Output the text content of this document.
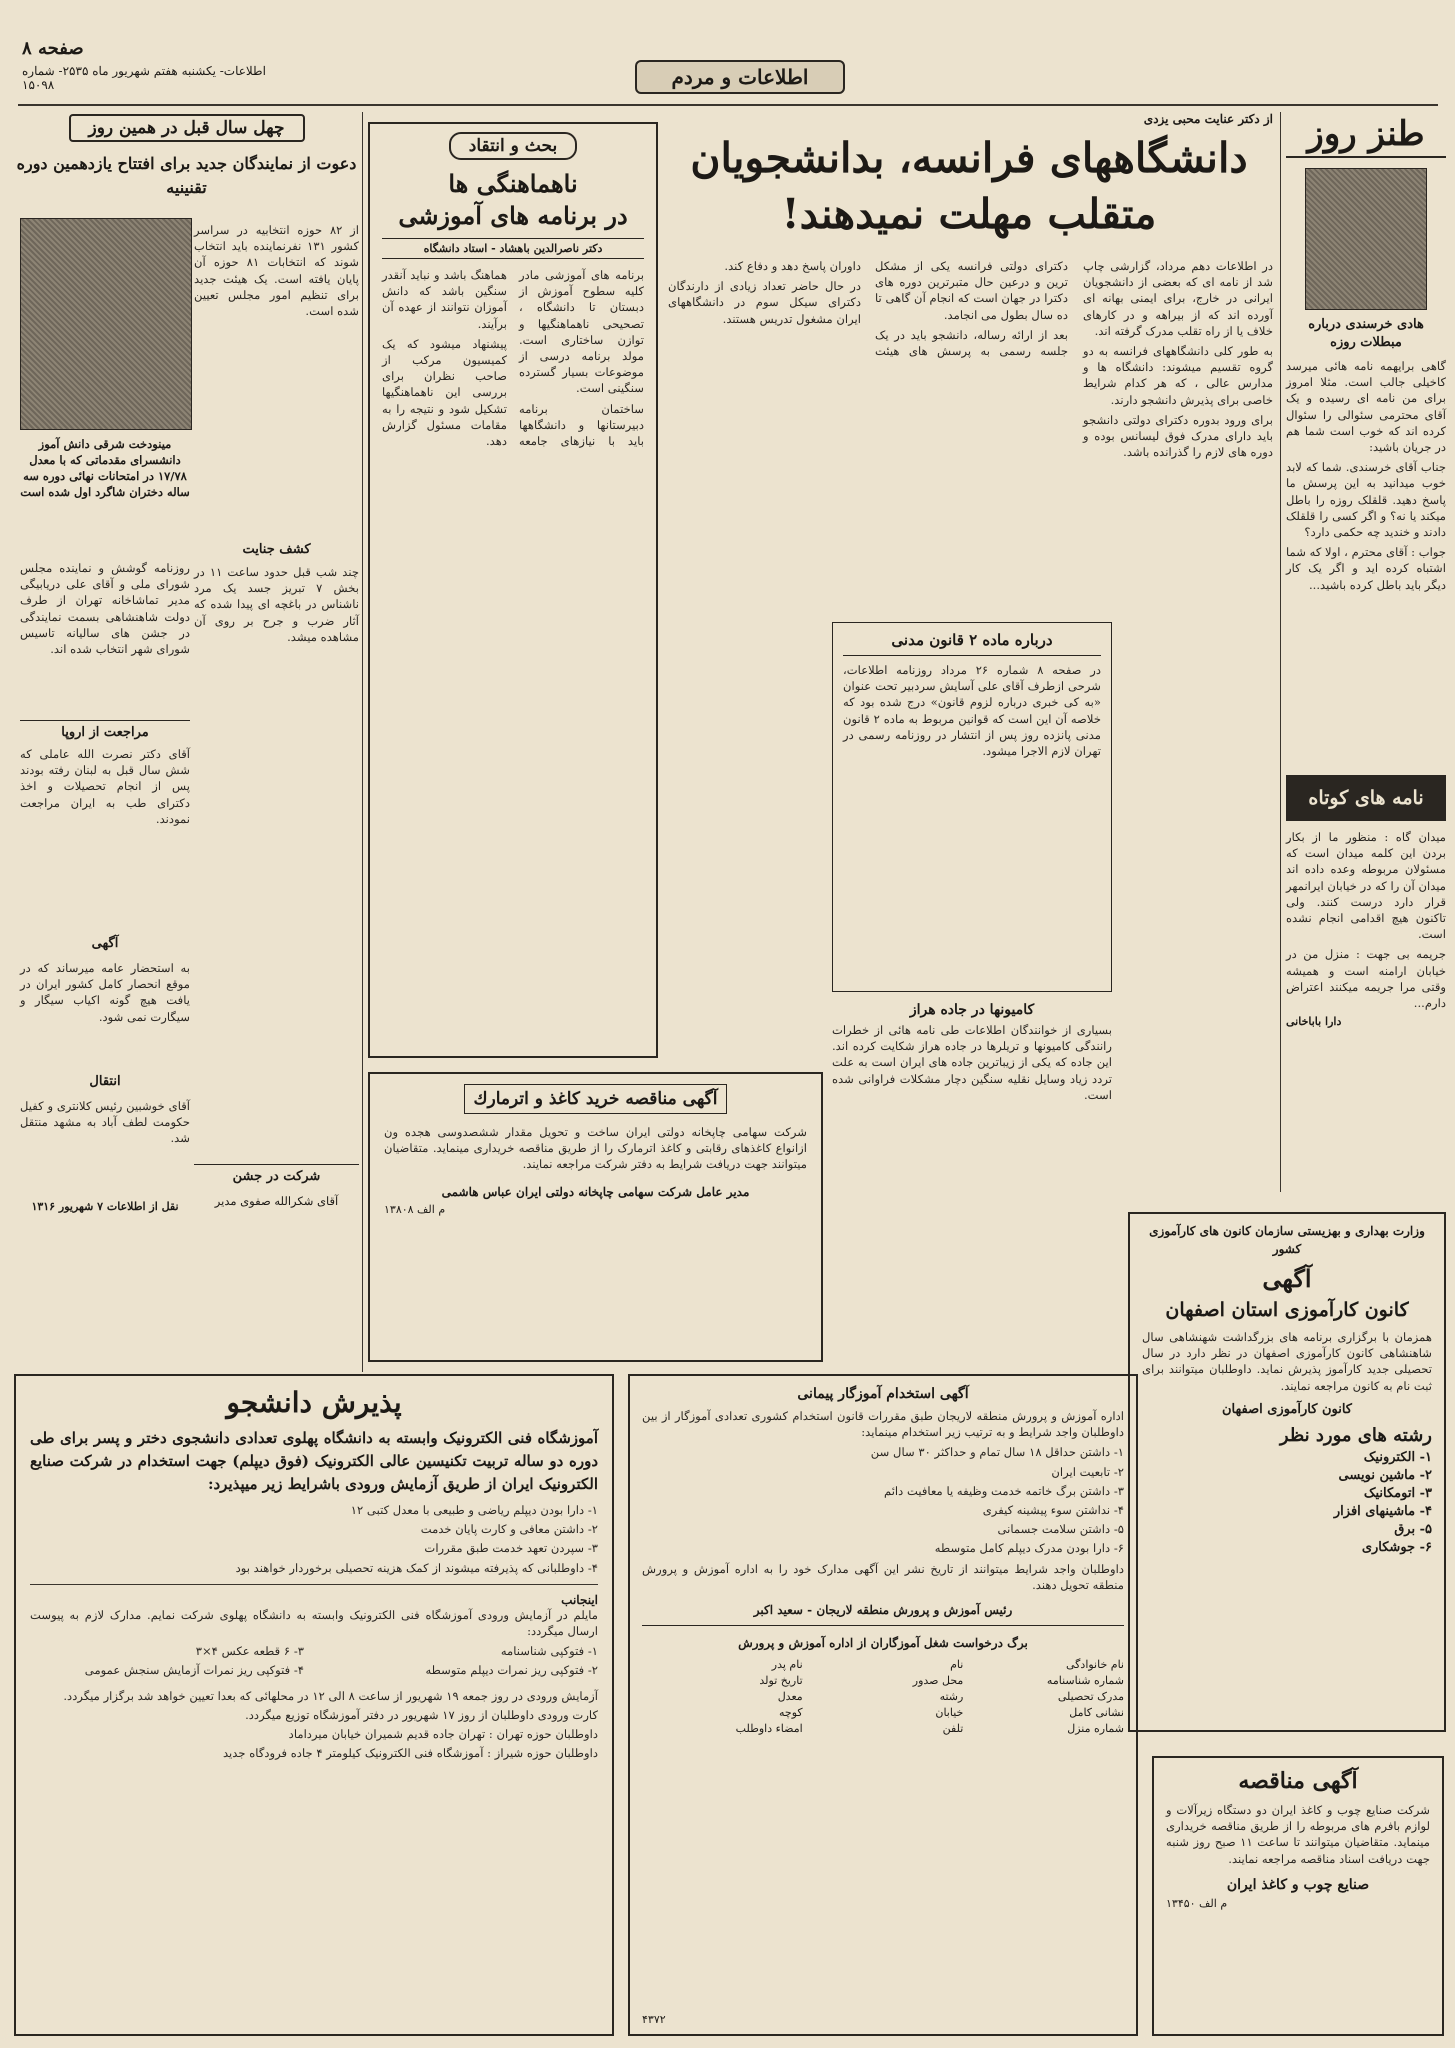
صفحه ۸
اطلاعات- یکشنبه هفتم شهریور ماه ۲۵۳۵- شماره ۱۵۰۹۸	اطلاعات و مردم
طنز روز
هادی خرسندی درباره مبطلات روزه

گاهی برایهمه نامه هائی میرسد کاخیلی جالب است. مثلا امروز برای من نامه ای رسیده و یک آقای محترمی سئوالی را سئوال کرده اند که خوب است شما هم در جریان باشید:

جناب آقای خرسندی. شما که لابد خوب میدانید به این پرسش ما پاسخ دهید. قلقلک روزه را باطل میکند یا نه؟ و اگر کسی را قلقلک دادند و خندید چه حکمی دارد؟

جواب : آقای محترم ، اولا که شما اشتباه کرده اید و اگر یک کار دیگر باید باطل کرده باشید...

نامه های کوتاه

میدان گاه : منظور ما از بکار بردن این کلمه میدان است که مسئولان مربوطه وعده داده اند میدان آن را که در خیابان ایرانمهر قرار دارد درست کنند. ولی تاکنون هیچ اقدامی انجام نشده است.

جریمه بی جهت : منزل من در خیابان ارامنه است و همیشه وقتی مرا جریمه میکنند اعتراض دارم...

دارا باباخانی
از دکتر عنایت محبی یزدی
دانشگاههای فرانسه، بدانشجویان
متقلب مهلت نمیدهند!

در اطلاعات دهم مرداد، گزارشی چاپ شد از نامه ای که بعضی از دانشجویان ایرانی در خارج، برای ایمنی بهانه ای آورده اند که از بیراهه و در کارهای خلاف یا از راه تقلب مدرک گرفته اند.

به طور کلی دانشگاههای فرانسه به دو گروه تقسیم میشوند: دانشگاه ها و مدارس عالی ، که هر کدام شرایط خاصی برای پذیرش دانشجو دارند.

برای ورود بدوره دکترای دولتی دانشجو باید دارای مدرک فوق لیسانس بوده و دوره های لازم را گذرانده باشد.

دکترای دولتی فرانسه یکی از مشکل ترین و درعین حال متبرترین دوره های دکترا در جهان است که انجام آن گاهی تا ده سال بطول می انجامد.

بعد از ارائه رساله، دانشجو باید در یک جلسه رسمی به پرسش های هیئت داوران پاسخ دهد و دفاع کند.

در حال حاضر تعداد زیادی از دارندگان دکترای سیکل سوم در دانشگاههای ایران مشغول تدریس هستند.

درباره ماده ۲ قانون مدنی
در صفحه ۸ شماره ۲۶ مرداد روزنامه اطلاعات، شرحی ازطرف آقای علی آسایش سردبیر تحت عنوان «به کی خبری درباره لزوم قانون» درج شده بود که خلاصه آن این است که قوانین مربوط به ماده ۲ قانون مدنی پانزده روز پس از انتشار در روزنامه رسمی در تهران لازم الاجرا میشود.
کامیونها در جاده هراز
بسیاری از خوانندگان اطلاعات طی نامه هائی از خطرات رانندگی کامیونها و تریلرها در جاده هراز شکایت کرده اند. این جاده که یکی از زیباترین جاده های ایران است به علت تردد زیاد وسایل نقلیه سنگین دچار مشکلات فراوانی شده است.
بحث و انتقاد
ناهماهنگی ها
در برنامه های آموزشی
دکتر ناصرالدین باهشاد - استاد دانشگاه

برنامه های آموزشی مادر کلیه سطوح آموزش از دبستان تا دانشگاه ، تصحیحی ناهماهنگیها و توازن ساختاری است. مولد برنامه درسی از موضوعات بسیار گسترده سنگینی است.

ساختمان برنامه دبیرستانها و دانشگاهها باید با نیازهای جامعه هماهنگ باشد و نباید آنقدر سنگین باشد که دانش آموزان نتوانند از عهده آن برآیند.

پیشنهاد میشود که یک کمیسیون مرکب از صاحب نظران برای بررسی این ناهماهنگیها تشکیل شود و نتیجه را به مقامات مسئول گزارش دهد.

آگهی مناقصه خرید کاغذ و اترمارك
شرکت سهامی چاپخانه دولتی ایران ساخت و تحویل مقدار ششصدوسی هجده ون ازانواع کاغذهای رقابتی و کاغذ اترمارک را از طریق مناقصه خریداری مینماید. متقاضیان میتوانند جهت دریافت شرایط به دفتر شرکت مراجعه نمایند.
مدیر عامل شرکت سهامی چاپخانه دولتی ایران عباس هاشمی
م الف ۱۳۸۰۸
چهل سال قبل در همین روز
دعوت از نمایندگان جدید برای افتتاح یازدهمین دوره تقنینیه
از ۸۲ حوزه انتخابیه در سراسر کشور ۱۳۱ نفرنماینده باید انتخاب شوند که انتخابات ۸۱ حوزه آن پایان یافته است. یک هیئت جدید برای تنظیم امور مجلس تعیین شده است.
مینودخت شرقی دانش آموز دانشسرای مقدماتی که با معدل ۱۷/۷۸ در امتحانات نهائی دوره سه ساله دختران شاگرد اول شده است
روزنامه گوشش و نماینده مجلس شورای ملی و آقای علی دریابیگی مدیر تماشاخانه تهران از طرف دولت شاهنشاهی بسمت نمایندگی در جشن های سالیانه تاسیس شورای شهر انتخاب شده اند.
کشف جنایت
چند شب قبل حدود ساعت ۱۱ در بخش ۷ تبریز جسد یک مرد ناشناس در باغچه ای پیدا شده که آثار ضرب و جرح بر روی آن مشاهده میشد.
مراجعت از اروپا
آقای دکتر نصرت الله عاملی که شش سال قبل به لبنان رفته بودند پس از انجام تحصیلات و اخذ دکترای طب به ایران مراجعت نمودند.
آگهی
به استحضار عامه میرساند که در موقع انحصار کامل کشور ایران در یافت هیچ گونه اکیاب سیگار و سیگارت نمی شود.
انتقال
آقای خوشبین رئیس کلانتری و کفیل حکومت لطف آباد به مشهد منتقل شد.
نقل از اطلاعات ۷ شهریور ۱۳۱۶
شرکت در جشن
آقای شکرالله صفوی مدیر
وزارت بهداری و بهزیستی سازمان کانون های کارآموزی کشور
آگهی
کانون کارآموزی استان اصفهان
همزمان با برگزاری برنامه های بزرگداشت شهنشاهی سال شاهنشاهی کانون کارآموزی اصفهان در نظر دارد در سال تحصیلی جدید کارآموز پذیرش نماید. داوطلبان میتوانند برای ثبت نام به کانون مراجعه نمایند.
کانون کارآموزی اصفهان
رشته های مورد نظر
۱- الکترونیک
۲- ماشین نویسی
۳- اتومکانیک
۴- ماشینهای افزار
۵- برق
۶- جوشکاری
آگهی مناقصه
شرکت صنایع چوب و کاغذ ایران دو دستگاه زیرآلات و لوازم بافرم های مربوطه را از طریق مناقصه خریداری مینماید. متقاضیان میتوانند تا ساعت ۱۱ صبح روز شنبه جهت دریافت اسناد مناقصه مراجعه نمایند.
صنایع چوب و کاغذ ایران
م الف ۱۳۴۵۰
آگهی استخدام آموزگار پیمانی
اداره آموزش و پرورش منطقه لاریجان طبق مقررات قانون استخدام کشوری تعدادی آموزگار از بین داوطلبان واجد شرایط و به ترتیب زیر استخدام مینماید:
۱- داشتن حداقل ۱۸ سال تمام و حداکثر ۳۰ سال سن
۲- تابعیت ایران
۳- داشتن برگ خاتمه خدمت وظیفه یا معافیت دائم
۴- نداشتن سوء پیشینه کیفری
۵- داشتن سلامت جسمانی
۶- دارا بودن مدرک دیپلم کامل متوسطه
داوطلبان واجد شرایط میتوانند از تاریخ نشر این آگهی مدارک خود را به اداره آموزش و پرورش منطقه تحویل دهند.
رئیس آموزش و پرورش منطقه لاریجان - سعید اکبر
برگ درخواست شغل آموزگاران از اداره آموزش و پرورش
نام خانوادگی
نام
نام پدر
شماره شناسنامه
محل صدور
تاریخ تولد
مدرک تحصیلی
رشته
معدل
نشانی کامل
خیابان
کوچه
شماره منزل
تلفن
امضاء داوطلب
۴۳۷۲
پذیرش دانشجو
آموزشگاه فنی الکترونیک وابسته به دانشگاه پهلوی تعدادی دانشجوی دختر و پسر برای طی دوره دو ساله تربیت تکنیسین عالی الکترونیک (فوق دیپلم) جهت استخدام در شرکت صنایع الکترونیک ایران از طریق آزمایش ورودی باشرایط زیر میپذیرد:
۱- دارا بودن دیپلم ریاضی و طبیعی با معدل کتبی ۱۲
۲- داشتن معافی و کارت پایان خدمت
۳- سپردن تعهد خدمت طبق مقررات
۴- داوطلبانی که پذیرفته میشوند از کمک هزینه تحصیلی برخوردار خواهند بود
اینجانب
مایلم در آزمایش ورودی آموزشگاه فنی الکترونیک وابسته به دانشگاه پهلوی شرکت نمایم. مدارک لازم به پیوست ارسال میگردد:
۱- فتوکپی شناسنامه
۲- فتوکپی ریز نمرات دیپلم متوسطه
۳- ۶ قطعه عکس ۴×۳
۴- فتوکپی ریز نمرات آزمایش سنجش عمومی
آزمایش ورودی در روز جمعه ۱۹ شهریور از ساعت ۸ الی ۱۲ در محلهائی که بعدا تعیین خواهد شد برگزار میگردد.
کارت ورودی داوطلبان از روز ۱۷ شهریور در دفتر آموزشگاه توزیع میگردد.
داوطلبان حوزه تهران : تهران جاده قدیم شمیران خیابان میرداماد
داوطلبان حوزه شیراز : آموزشگاه فنی الکترونیک کیلومتر ۴ جاده فرودگاه جدید
